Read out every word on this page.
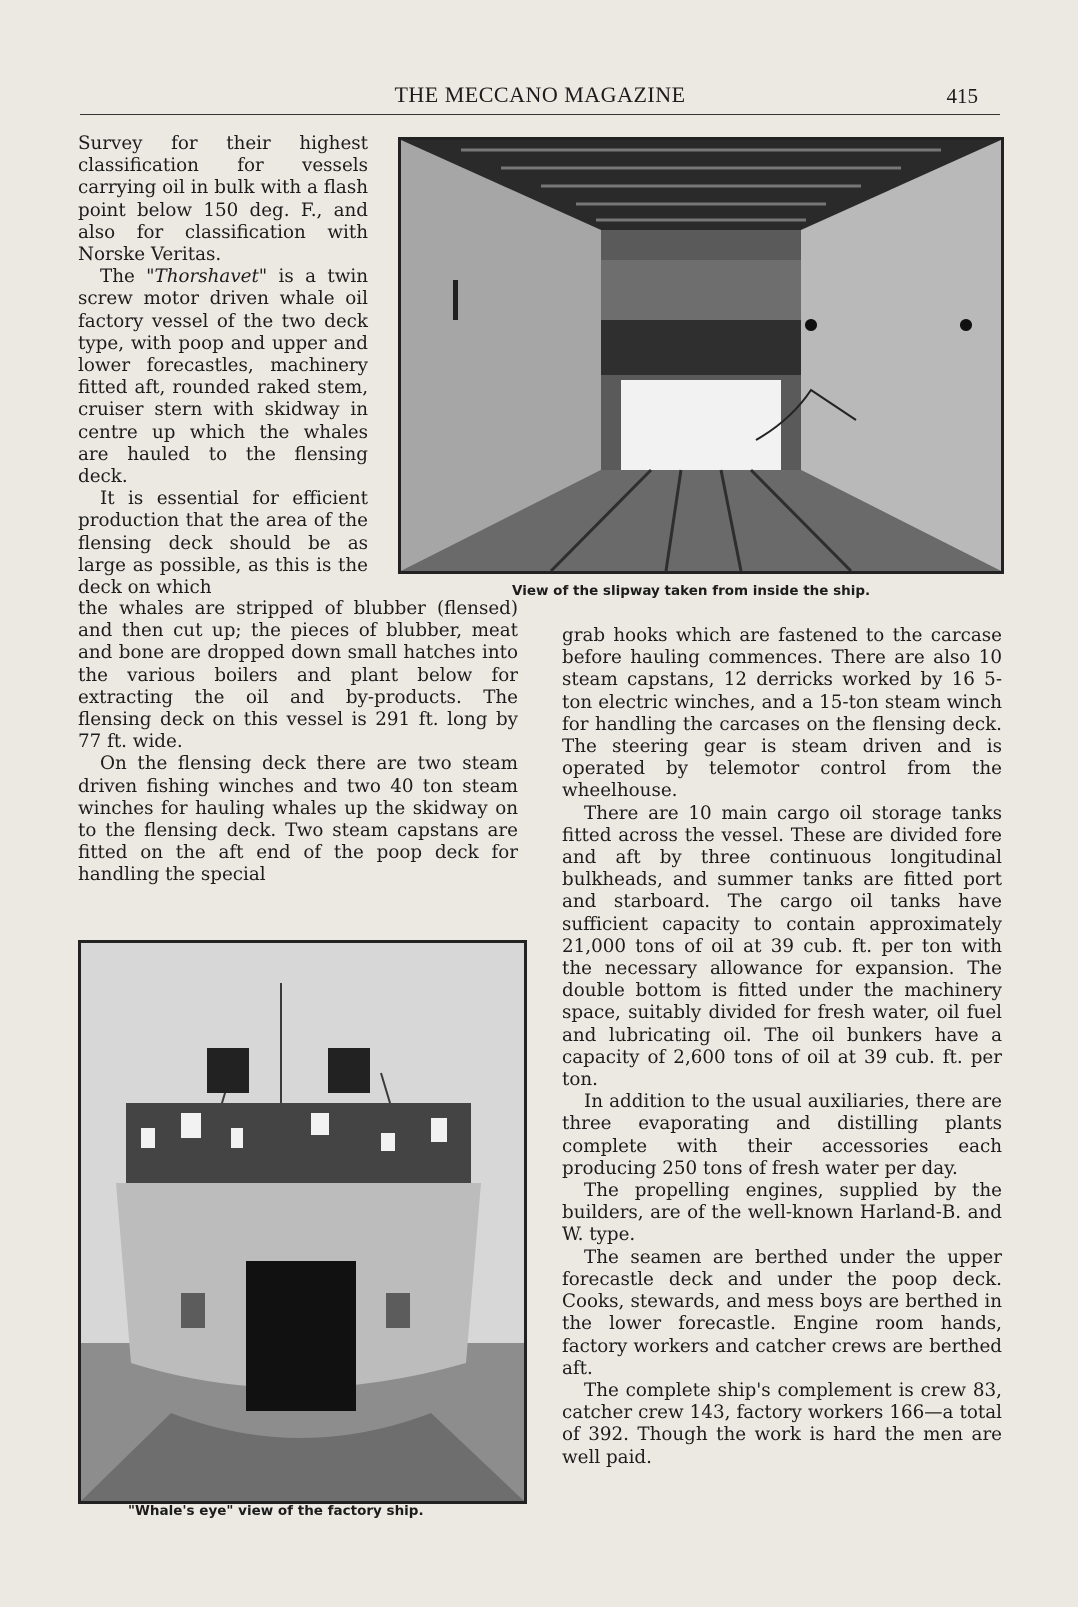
THE MECCANO MAGAZINE	415

Survey for their highest classification for vessels carrying oil in bulk with a flash point below 150 deg. F., and also for classification with Norske Veritas.

The "Thorshavet" is a twin screw motor driven whale oil factory vessel of the two deck type, with poop and upper and lower forecastles, machinery fitted aft, rounded raked stem, cruiser stern with skidway in centre up which the whales are hauled to the flensing deck.

It is essential for efficient production that the area of the flensing deck should be as large as possible, as this is the deck on which

the whales are stripped of blubber (flensed) and then cut up; the pieces of blubber, meat and bone are dropped down small hatches into the various boilers and plant below for extracting the oil and by-products. The flensing deck on this vessel is 291 ft. long by 77 ft. wide.

On the flensing deck there are two steam driven fishing winches and two 40 ton steam winches for hauling whales up the skidway on to the flensing deck. Two steam capstans are fitted on the aft end of the poop deck for handling the special

grab hooks which are fastened to the carcase before hauling commences. There are also 10 steam capstans, 12 derricks worked by 16 5-ton electric winches, and a 15-ton steam winch for handling the carcases on the flensing deck. The steering gear is steam driven and is operated by telemotor control from the wheelhouse.

There are 10 main cargo oil storage tanks fitted across the vessel. These are divided fore and aft by three continuous longitudinal bulkheads, and summer tanks are fitted port and starboard. The cargo oil tanks have sufficient capacity to contain approximately 21,000 tons of oil at 39 cub. ft. per ton with the necessary allowance for expansion. The double bottom is fitted under the machinery space, suitably divided for fresh water, oil fuel and lubricating oil. The oil bunkers have a capacity of 2,600 tons of oil at 39 cub. ft. per ton.

In addition to the usual auxiliaries, there are three evaporating and distilling plants complete with their accessories each producing 250 tons of fresh water per day.

The propelling engines, supplied by the builders, are of the well-known Harland-B. and W. type.

The seamen are berthed under the upper forecastle deck and under the poop deck. Cooks, stewards, and mess boys are berthed in the lower forecastle. Engine room hands, factory workers and catcher crews are berthed aft.

The complete ship's complement is crew 83, catcher crew 143, factory workers 166—a total of 392. Though the work is hard the men are well paid.

View of the slipway taken from inside the ship.
"Whale's eye" view of the factory ship.
